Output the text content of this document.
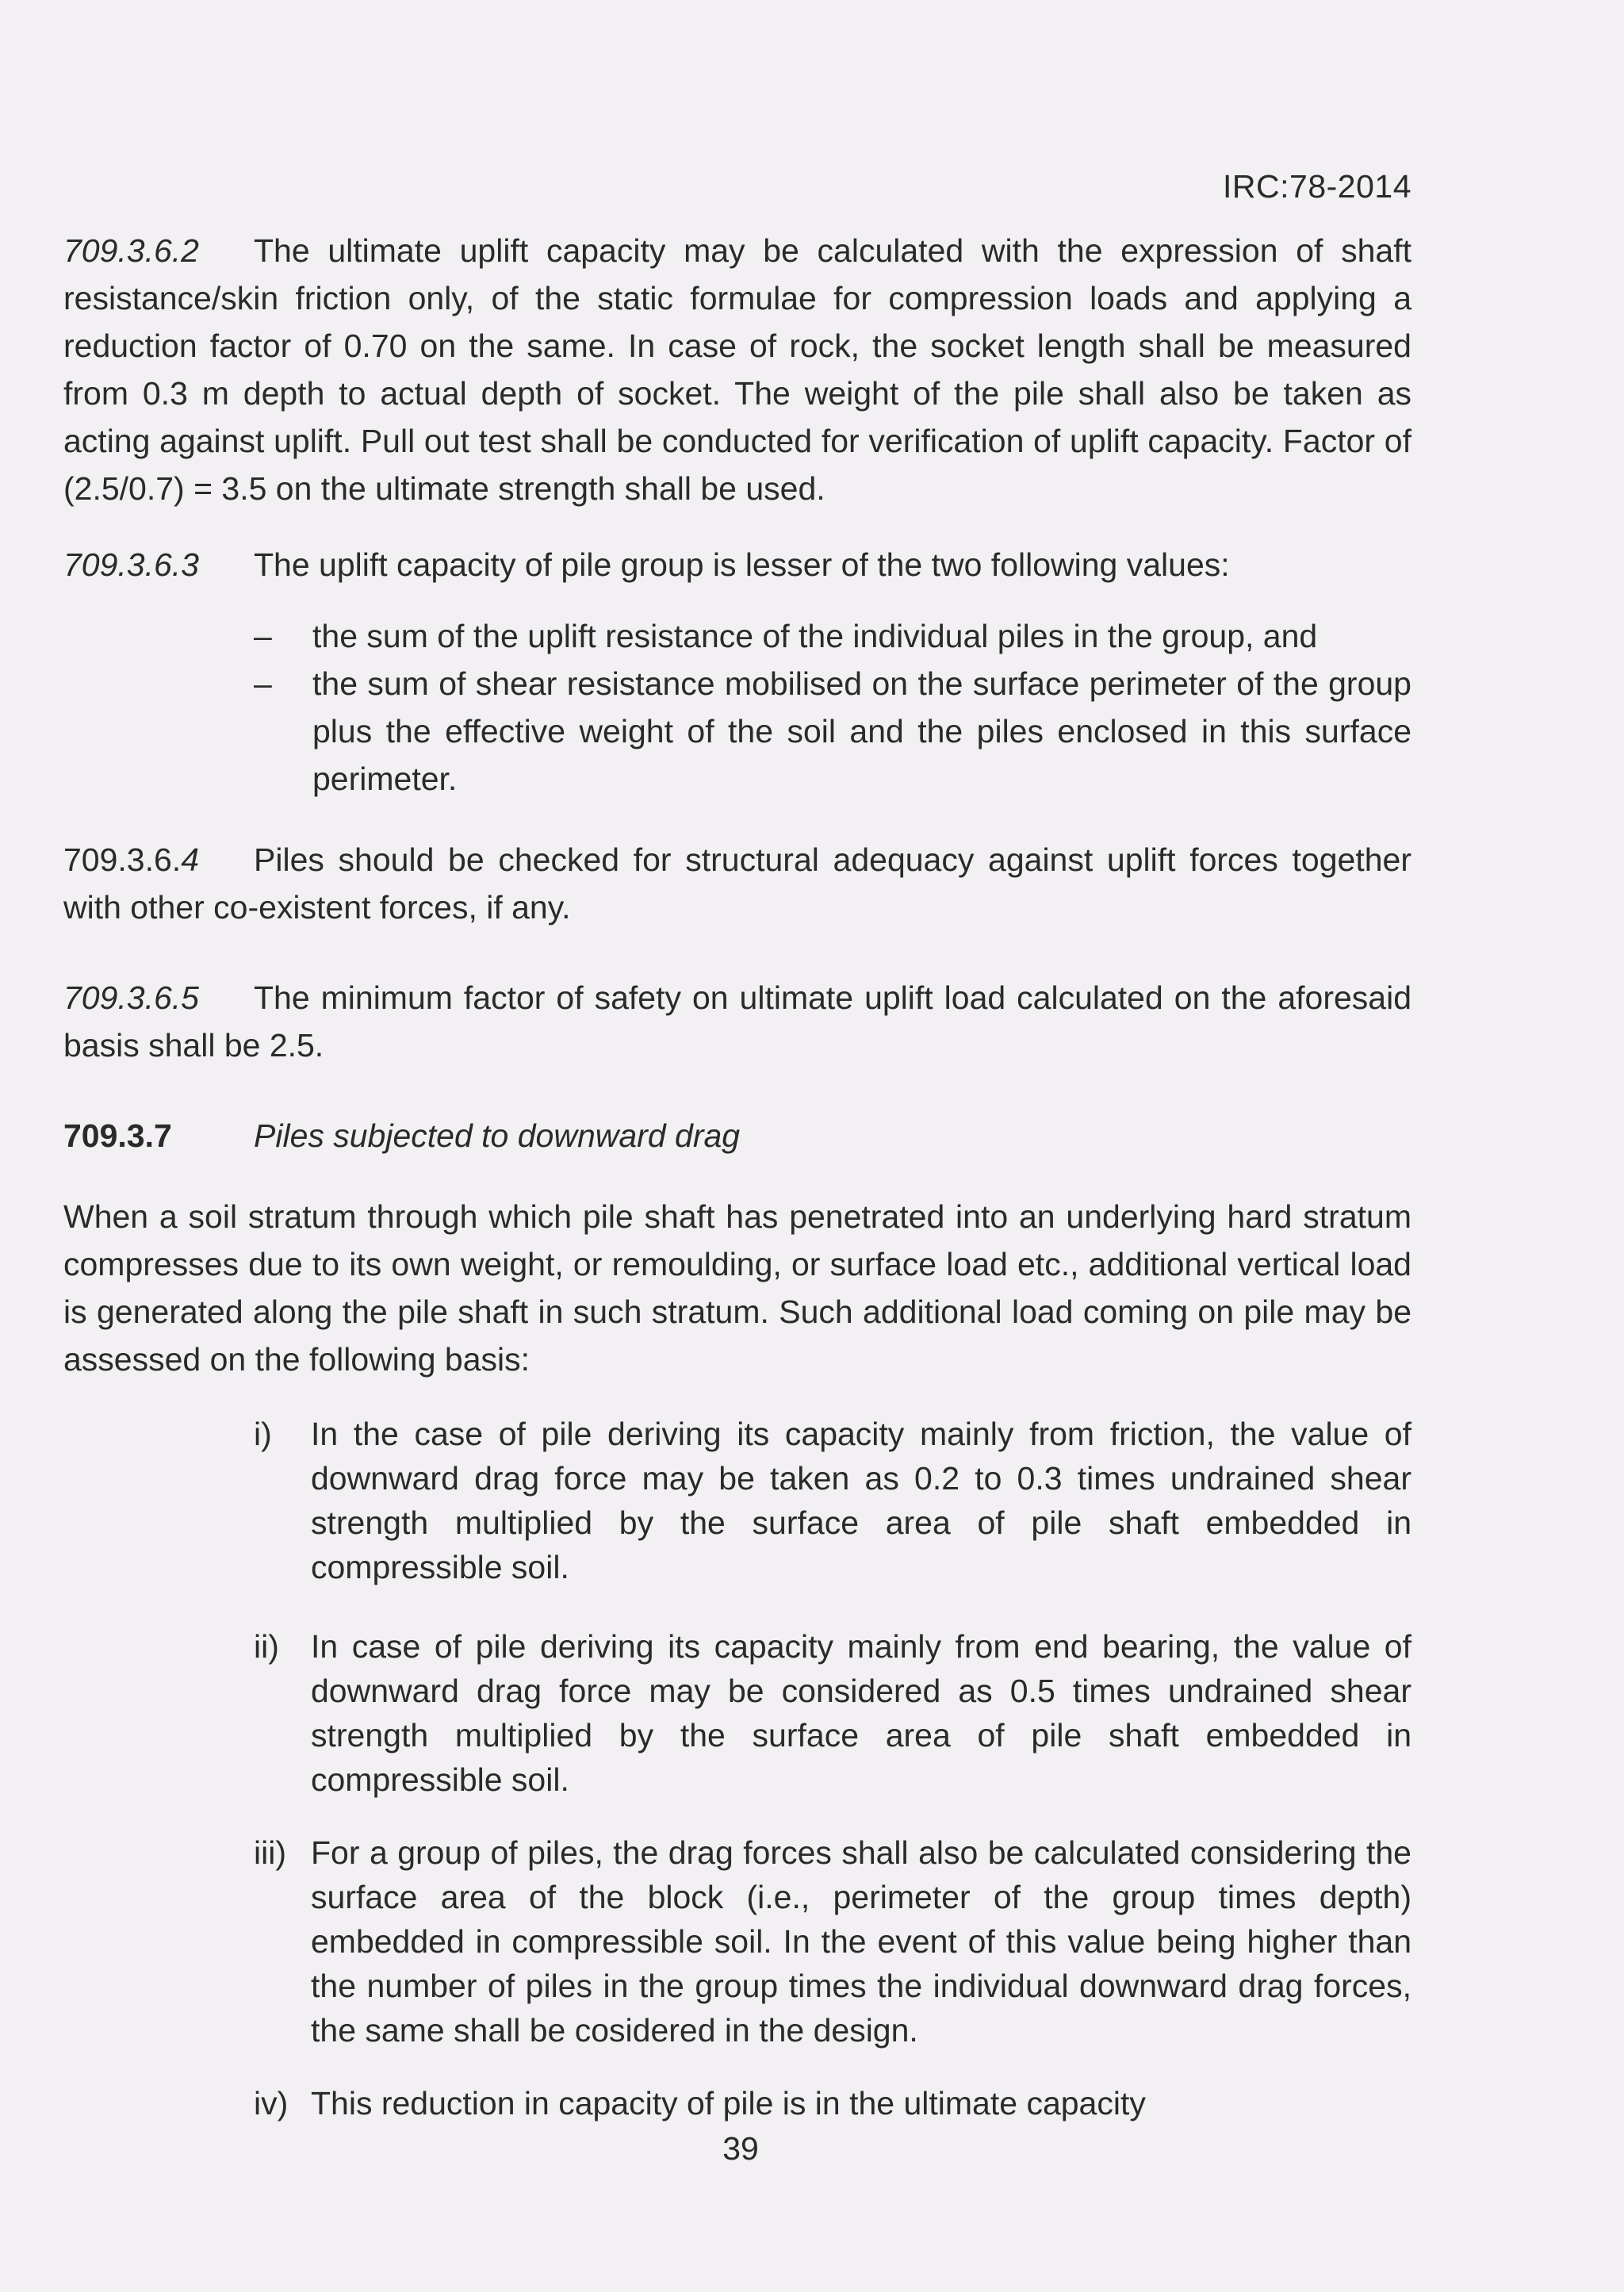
IRC:78-2014

709.3.6.2 The ultimate uplift capacity may be calculated with the expression of shaft resistance/skin friction only, of the static formulae for compression loads and applying a reduction factor of 0.70 on the same. In case of rock, the socket length shall be measured from 0.3 m depth to actual depth of socket. The weight of the pile shall also be taken as acting against uplift. Pull out test shall be conducted for verification of uplift capacity. Factor of (2.5/0.7) = 3.5 on the ultimate strength shall be used.

709.3.6.3 The uplift capacity of pile group is lesser of the two following values:

– the sum of the uplift resistance of the individual piles in the group, and
– the sum of shear resistance mobilised on the surface perimeter of the group plus the effective weight of the soil and the piles enclosed in this surface perimeter.

709.3.6.4 Piles should be checked for structural adequacy against uplift forces together with other co-existent forces, if any.

709.3.6.5 The minimum factor of safety on ultimate uplift load calculated on the aforesaid basis shall be 2.5.

709.3.7	Piles subjected to downward drag

When a soil stratum through which pile shaft has penetrated into an underlying hard stratum compresses due to its own weight, or remoulding, or surface load etc., additional vertical load is generated along the pile shaft in such stratum. Such additional load coming on pile may be assessed on the following basis:

i) In the case of pile deriving its capacity mainly from friction, the value of downward drag force may be taken as 0.2 to 0.3 times undrained shear strength multiplied by the surface area of pile shaft embedded in compressible soil.
ii) In case of pile deriving its capacity mainly from end bearing, the value of downward drag force may be considered as 0.5 times undrained shear strength multiplied by the surface area of pile shaft embedded in compressible soil.
iii) For a group of piles, the drag forces shall also be calculated considering the surface area of the block (i.e., perimeter of the group times depth) embedded in compressible soil. In the event of this value being higher than the number of piles in the group times the individual downward drag forces, the same shall be cosidered in the design.
iv) This reduction in capacity of pile is in the ultimate capacity
39
